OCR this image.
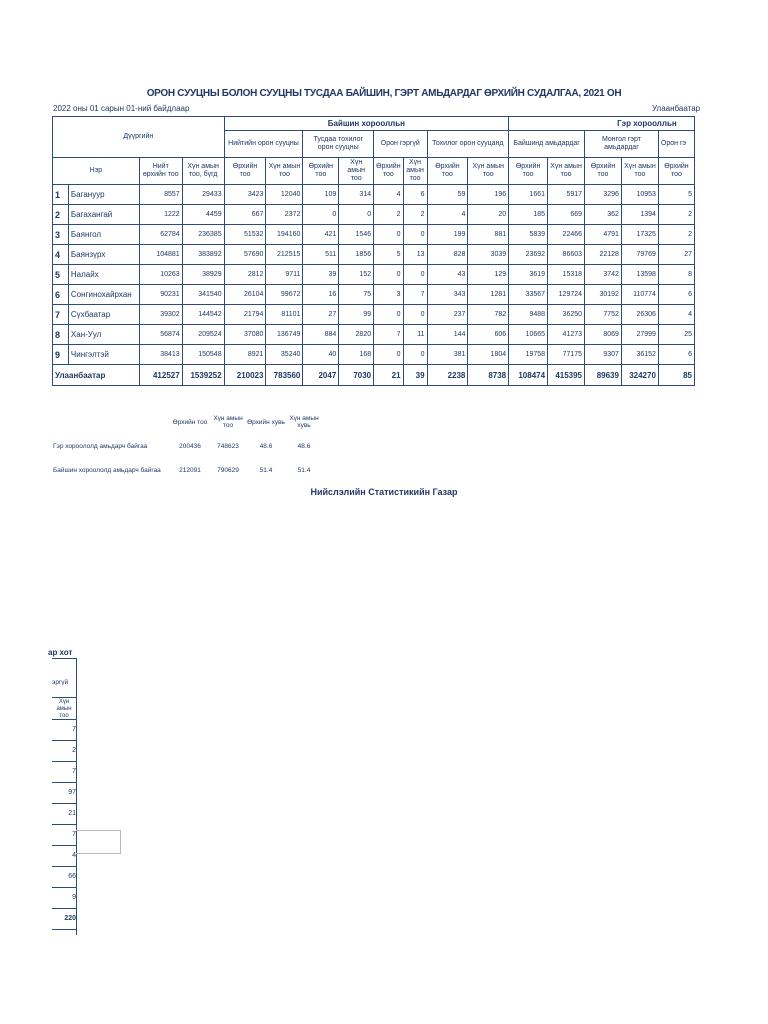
ОРОН СУУЦНЫ БОЛОН СУУЦНЫ ТУСДАА БАЙШИН, ГЭРТ АМЬДАРДАГ ӨРХИЙН СУДАЛГАА, 2021 ОН
2022 оны 01 сарын 01-ний байдлаар	Улаанбаатар
Дүүргийн				Байшин хороолльн								Гэр хороолльн				
				Нийтийн орон сууцны		Тусдаа тохилог орон сууцны		Орон гэргүй		Тохилог орон сууцанд		Байшинд амьдардаг		Монгол гэрт амьдардаг		Орон гэ
Нэр		Нийт өрхийн тоо	Хүн амын тоо, бүгд	Өрхийн тоо	Хүн амын тоо	Өрхийн тоо	Хүн амын тоо	Өрхийн тоо	Хүн амын тоо	Өрхийн тоо	Хүн амын тоо	Өрхийн тоо	Хүн амын тоо	Өрхийн тоо	Хүн амын тоо	Өрхийн тоо
1	Багануур	8557	29433	3423	12040	109	314	4	6	59	196	1661	5917	3296	10953	5
2	Багахангай	1222	4459	667	2372	0	0	2	2	4	20	185	669	362	1394	2
3	Баянгол	62784	236385	51532	194160	421	1546	0	0	199	881	5839	22466	4791	17325	2
4	Баянзүрх	104881	383892	57690	212515	511	1856	5	13	828	3039	23692	86603	22128	79769	27
5	Налайх	10263	38929	2812	9711	39	152	0	0	43	129	3619	15318	3742	13598	8
6	Сонгинохайрхан	90231	341540	26104	99672	16	75	3	7	343	1281	33567	129724	30192	110774	6
7	Сүхбаатар	39302	144542	21794	81101	27	99	0	0	237	782	9488	36250	7752	26306	4
8	Хан-Уул	56874	209524	37080	136749	884	2820	7	11	144	606	10665	41273	8069	27999	25
9	Чингэлтэй	38413	150548	8921	35240	40	168	0	0	381	1804	19758	77175	9307	36152	6
Улаанбаатар		412527	1539252	210023	783560	2047	7030	21	39	2238	8738	108474	415395	89639	324270	85
	Өрхийн тоо	Хүн амын тоо	Өрхийн хувь	Хүн амын хувь
Гэр хороололд амьдарч байгаа	200436	748623	48.6	48.6
Байшин хороололд амьдарч байгаа	212091	790629	51.4	51.4
Нийслэлийн Статистикийн Газар
ар хот
эргүй
Хүн амын тоо
7
2
7
97
21
7
4
66
9
220
